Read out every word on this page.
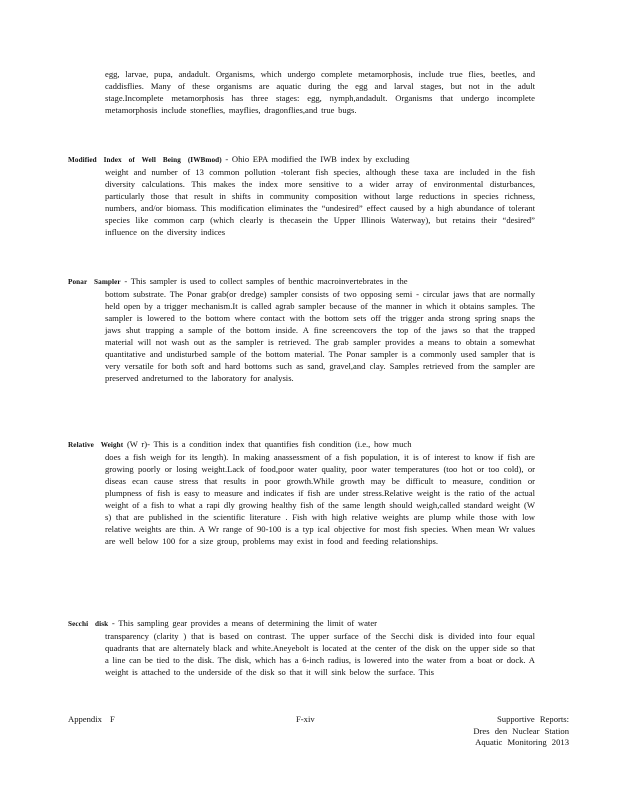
egg, larvae, pupa, andadult. Organisms, which undergo complete metamorphosis, include true flies, beetles, and caddisflies. Many of these organisms are aquatic during the egg and larval stages, but not in the adult stage.Incomplete metamorphosis has three stages: egg, nymph,andadult. Organisms that undergo incomplete metamorphosis include stoneflies, mayflies, dragonflies,and true bugs.
Modified Index of Well Being (IWBmod) - Ohio EPA modified the IWB index by excluding
weight and number of 13 common pollution -tolerant fish species, although these taxa are included in the fish diversity calculations. This makes the index more sensitive to a wider array of environmental disturbances, particularly those that result in shifts in community composition without large reductions in species richness, numbers, and/or biomass. This modification eliminates the “undesired” effect caused by a high abundance of tolerant species like common carp (which clearly is thecasein the Upper Illinois Waterway), but retains their “desired” influence on the diversity indices
Ponar Sampler - This sampler is used to collect samples of benthic macroinvertebrates in the
bottom substrate. The Ponar grab(or dredge) sampler consists of two opposing semi - circular jaws that are normally held open by a trigger mechanism.It is called agrab sampler because of the manner in which it obtains samples. The sampler is lowered to the bottom where contact with the bottom sets off the trigger anda strong spring snaps the jaws shut trapping a sample of the bottom inside. A fine screencovers the top of the jaws so that the trapped material will not wash out as the sampler is retrieved. The grab sampler provides a means to obtain a somewhat quantitative and undisturbed sample of the bottom material. The Ponar sampler is a commonly used sampler that is very versatile for both soft and hard bottoms such as sand, gravel,and clay. Samples retrieved from the sampler are preserved andreturned to the laboratory for analysis.
Relative Weight (W r)- This is a condition index that quantifies fish condition (i.e., how much
does a fish weigh for its length). In making anassessment of a fish population, it is of interest to know if fish are growing poorly or losing weight.Lack of food,poor water quality, poor water temperatures (too hot or too cold), or diseas ecan cause stress that results in poor growth.While growth may be difficult to measure, condition or plumpness of fish is easy to measure and indicates if fish are under stress.Relative weight is the ratio of the actual weight of a fish to what a rapi dly growing healthy fish of the same length should weigh,called standard weight (W s) that are published in the scientific literature . Fish with high relative weights are plump while those with low relative weights are thin. A Wr range of 90-100 is a typ ical objective for most fish species. When mean Wr values are well below 100 for a size group, problems may exist in food and feeding relationships.
Secchi disk - This sampling gear provides a means of determining the limit of water
transparency (clarity ) that is based on contrast. The upper surface of the Secchi disk is divided into four equal quadrants that are alternately black and white.Aneyebolt is located at the center of the disk on the upper side so that a line can be tied to the disk. The disk, which has a 6-inch radius, is lowered into the water from a boat or dock. A weight is attached to the underside of the disk so that it will sink below the surface. This
Appendix F	F-xiv	Supportive Reports:
Dres den Nuclear Station
Aquatic Monitoring 2013
